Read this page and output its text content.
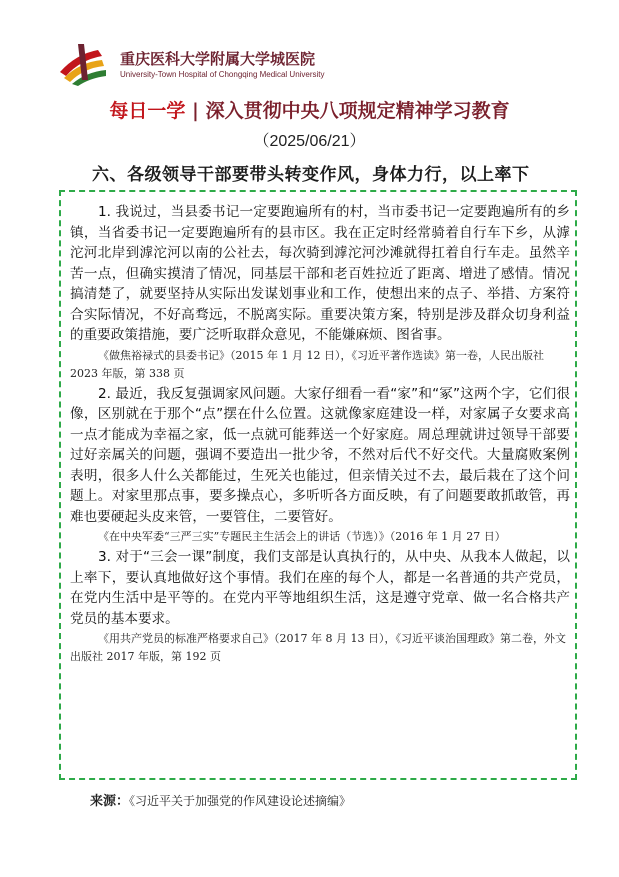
重庆医科大学附属大学城医院
University-Town Hospital of Chongqing Medical University
每日一学 | 深入贯彻中央八项规定精神学习教育
（2025/06/21）
六、各级领导干部要带头转变作风，身体力行，以上率下

1. 我说过，当县委书记一定要跑遍所有的村，当市委书记一定要跑遍所有的乡镇，当省委书记一定要跑遍所有的县市区。我在正定时经常骑着自行车下乡，从滹沱河北岸到滹沱河以南的公社去，每次骑到滹沱河沙滩就得扛着自行车走。虽然辛苦一点，但确实摸清了情况，同基层干部和老百姓拉近了距离、增进了感情。情况搞清楚了，就要坚持从实际出发谋划事业和工作，使想出来的点子、举措、方案符合实际情况，不好高骛远，不脱离实际。重要决策方案，特别是涉及群众切身利益的重要政策措施，要广泛听取群众意见，不能嫌麻烦、图省事。

《做焦裕禄式的县委书记》（2015 年 1 月 12 日），《习近平著作选读》第一卷，人民出版社 2023 年版，第 338 页

2. 最近，我反复强调家风问题。大家仔细看一看“家”和“冢”这两个字，它们很像，区别就在于那个“点”摆在什么位置。这就像家庭建设一样，对家属子女要求高一点才能成为幸福之家，低一点就可能葬送一个好家庭。周总理就讲过领导干部要过好亲属关的问题，强调不要造出一批少爷，不然对后代不好交代。大量腐败案例表明，很多人什么关都能过，生死关也能过，但亲情关过不去，最后栽在了这个问题上。对家里那点事，要多操点心，多听听各方面反映，有了问题要敢抓敢管，再难也要硬起头皮来管，一要管住，二要管好。

《在中央军委“三严三实”专题民主生活会上的讲话（节选）》（2016 年 1 月 27 日）

3. 对于“三会一课”制度，我们支部是认真执行的，从中央、从我本人做起，以上率下，要认真地做好这个事情。我们在座的每个人，都是一名普通的共产党员，在党内生活中是平等的。在党内平等地组织生活，这是遵守党章、做一名合格共产党员的基本要求。

《用共产党员的标准严格要求自己》（2017 年 8 月 13 日），《习近平谈治国理政》第二卷，外文出版社 2017 年版，第 192 页

来源：《习近平关于加强党的作风建设论述摘编》
